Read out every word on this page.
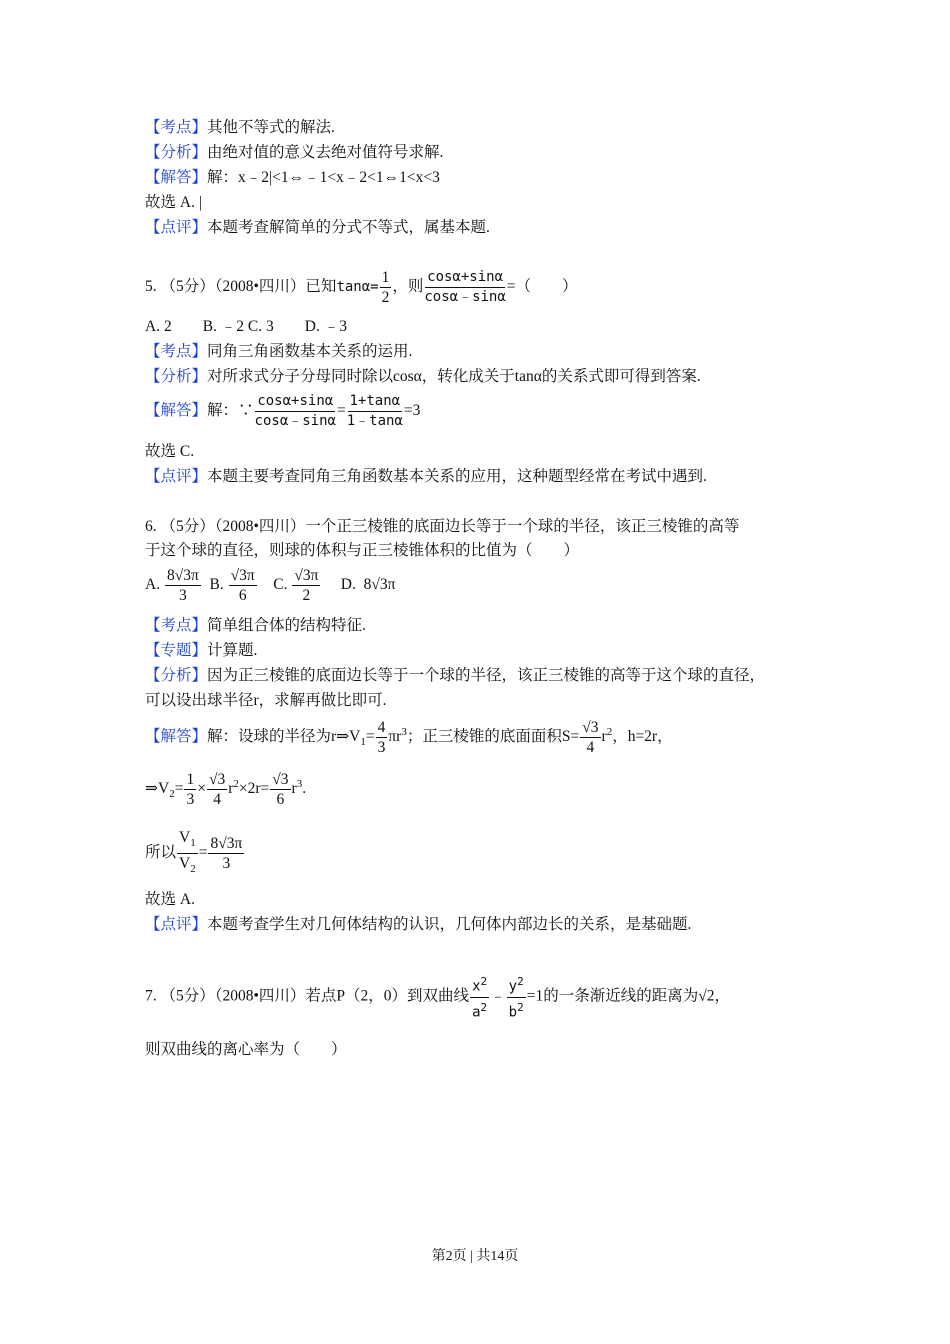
【考点】其他不等式的解法.
【分析】由绝对值的意义去绝对值符号求解.
【解答】解：x﹣2|<1⇔﹣1<x﹣2<1⇔1<x<3
故选 A. |
【点评】本题考查解简单的分式不等式，属基本题.
5. （5分）（2008•四川）已知$\tan\alpha= \frac{1}{2}$ ，则 $\frac{\cos\alpha+\sin\alpha}{\cos\alpha﹣\sin\alpha}$ =（　　）
A. 2　　B. ﹣2 C. 3　　D. ﹣3
【考点】同角三角函数基本关系的运用.
【分析】对所求式分子分母同时除以cosα，转化成关于tanα的关系式即可得到答案.
【解答】解：∵ $\frac{\cos\alpha+\sin\alpha}{\cos\alpha﹣\sin\alpha} = \frac{1+\tan\alpha}{1﹣\tan\alpha} =3$
故选 C.
【点评】本题主要考查同角三角函数基本关系的应用，这种题型经常在考试中遇到.
6. （5分）（2008•四川）一个正三棱锥的底面边长等于一个球的半径，该正三棱锥的高等
于这个球的直径，则球的体积与正三棱锥体积的比值为（　　）
A. $\frac{8√3\pi}{3} B$. $\frac{√3\pi}{6} C$. $\frac{√3\pi}{2} D$. 8√3π
【考点】简单组合体的结构特征.
【专题】计算题.
【分析】因为正三棱锥的底面边长等于一个球的半径，该正三棱锥的高等于这个球的直径，
可以设出球半径r，求解再做比即可.
【解答】解：设球的半径为$r\Rightarrow V_1= \frac{4}{3} \pi r^3$；正三棱锥的底面面积$S= \frac{√3}{4} r^2$，h=2r，
$\Rightarrow V_2= \frac{1}{3} \times \frac{√3}{4} r^2\times 2r= \frac{√3}{6} r^3$.
所以 $\frac{V_1}{V_2} = \frac{8√3\pi}{3}$
故选 A.
【点评】本题考查学生对几何体结构的认识，几何体内部边长的关系，是基础题.
7. （5分）（2008•四川）若点P（2，0）到双曲线 $\frac{x^2}{a^2}$ ﹣ $\frac{y^2}{b^2} =1$的一条渐近线的距离为√2，
则双曲线的离心率为（　　）
第2页 | 共14页
